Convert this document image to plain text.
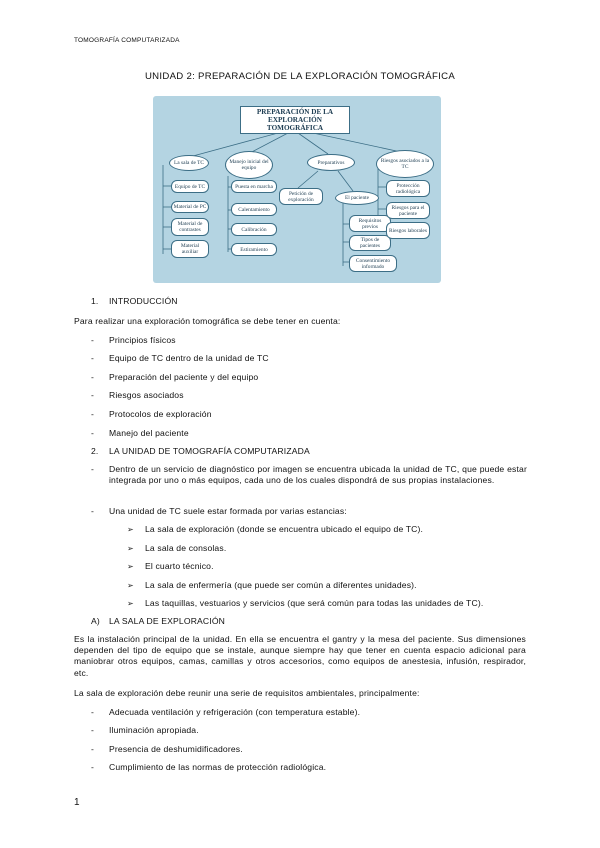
TOMOGRAFÍA COMPUTARIZADA
UNIDAD 2: PREPARACIÓN DE LA EXPLORACIÓN TOMOGRÁFICA
PREPARACIÓN DE LA EXPLORACIÓN TOMOGRÁFICA
La sala de TC
Equipo de TC
Material de PC
Material de contrastes
Material auxiliar
Manejo inicial del equipo
Puesta en marcha
Calentamiento
Calibración
Estiramiento
Preparativos
Petición de exploración	El paciente
Requisitos previos
Tipos de pacientes
Consentimiento informado
Riesgos asociados a la TC
Protección radiológica
Riesgos para el paciente
Riesgos laborales
1. INTRODUCCIÓN
Para realizar una exploración tomográfica se debe tener en cuenta:
- Principios físicos
- Equipo de TC dentro de la unidad de TC
- Preparación del paciente y del equipo
- Riesgos asociados
- Protocolos de exploración
- Manejo del paciente
2. LA UNIDAD DE TOMOGRAFÍA COMPUTARIZADA
- Dentro de un servicio de diagnóstico por imagen se encuentra ubicada la unidad de TC, que puede estar integrada por uno o más equipos, cada uno de los cuales dispondrá de sus propias instalaciones.
- Una unidad de TC suele estar formada por varias estancias:
➢ La sala de exploración (donde se encuentra ubicado el equipo de TC).
➢ La sala de consolas.
➢ El cuarto técnico.
➢ La sala de enfermería (que puede ser común a diferentes unidades).
➢ Las taquillas, vestuarios y servicios (que será común para todas las unidades de TC).
A) LA SALA DE EXPLORACIÓN
Es la instalación principal de la unidad. En ella se encuentra el gantry y la mesa del paciente. Sus dimensiones dependen del tipo de equipo que se instale, aunque siempre hay que tener en cuenta espacio adicional para maniobrar otros equipos, camas, camillas y otros accesorios, como equipos de anestesia, infusión, respirador, etc.
La sala de exploración debe reunir una serie de requisitos ambientales, principalmente:
- Adecuada ventilación y refrigeración (con temperatura estable).
- Iluminación apropiada.
- Presencia de deshumidificadores.
- Cumplimiento de las normas de protección radiológica.
1
